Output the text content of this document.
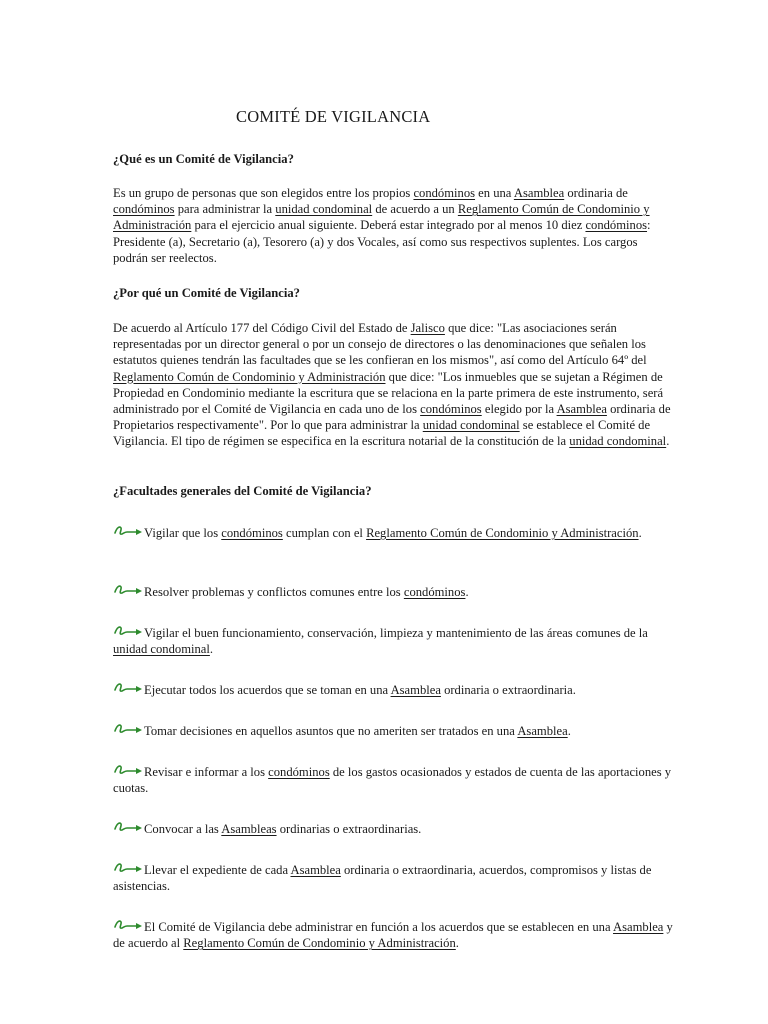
COMITÉ DE VIGILANCIA
¿Qué es un Comité de Vigilancia?

Es un grupo de personas que son elegidos entre los propios condóminos en una Asamblea ordinaria de condóminos para administrar la unidad condominal de acuerdo a un Reglamento Común de Condominio y Administración para el ejercicio anual siguiente. Deberá estar integrado por al menos 10 diez condóminos: Presidente (a), Secretario (a), Tesorero (a) y dos Vocales, así como sus respectivos suplentes. Los cargos podrán ser reelectos.

¿Por qué un Comité de Vigilancia?

De acuerdo al Artículo 177 del Código Civil del Estado de Jalisco que dice: "Las asociaciones serán representadas por un director general o por un consejo de directores o las denominaciones que señalen los estatutos quienes tendrán las facultades que se les confieran en los mismos", así como del Artículo 64º del Reglamento Común de Condominio y Administración que dice: "Los inmuebles que se sujetan a Régimen de Propiedad en Condominio mediante la escritura que se relaciona en la parte primera de este instrumento, será administrado por el Comité de Vigilancia en cada uno de los condóminos elegido por la Asamblea ordinaria de Propietarios respectivamente". Por lo que para administrar la unidad condominal se establece el Comité de Vigilancia. El tipo de régimen se especifica en la escritura notarial de la constitución de la unidad condominal.

¿Facultades generales del Comité de Vigilancia?

Vigilar que los condóminos cumplan con el Reglamento Común de Condominio y Administración.

Resolver problemas y conflictos comunes entre los condóminos.

Vigilar el buen funcionamiento, conservación, limpieza y mantenimiento de las áreas comunes de la unidad condominal.

Ejecutar todos los acuerdos que se toman en una Asamblea ordinaria o extraordinaria.

Tomar decisiones en aquellos asuntos que no ameriten ser tratados en una Asamblea.

Revisar e informar a los condóminos de los gastos ocasionados y estados de cuenta de las aportaciones y cuotas.

Convocar a las Asambleas ordinarias o extraordinarias.

Llevar el expediente de cada Asamblea ordinaria o extraordinaria, acuerdos, compromisos y listas de asistencias.

El Comité de Vigilancia debe administrar en función a los acuerdos que se establecen en una Asamblea y de acuerdo al Reglamento Común de Condominio y Administración.
